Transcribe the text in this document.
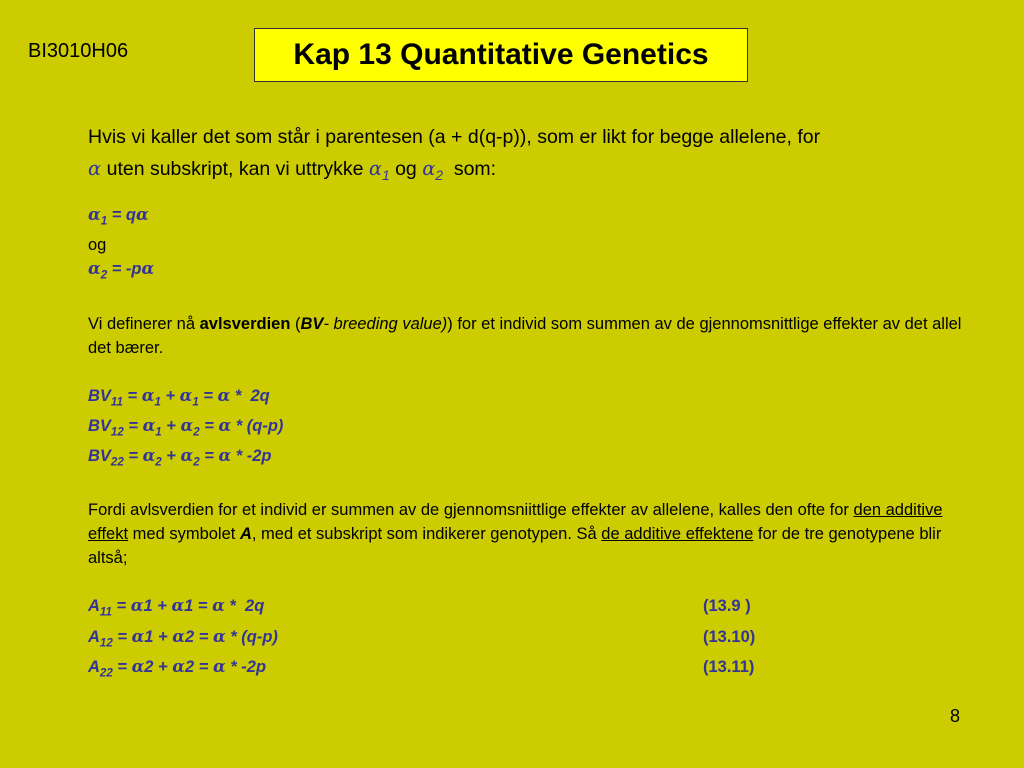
BI3010H06	Kap 13 Quantitative Genetics
Hvis vi kaller det som står i parentesen (a + d(q-p)), som er likt for begge allelene, for
α uten subskript, kan vi uttrykke $\alpha_1$ og $\alpha_2$ som:
$\alpha_1 = q\alpha$
og
$\alpha_2 = -p\alpha$
Vi definerer nå avlsverdien (BV- breeding value)) for et individ som summen av de gjennomsnittlige effekter av det allel det bærer.
$BV_{11} = \alpha_1 + \alpha_1 = \alpha * 2q$
$BV_{12} = \alpha_1 + \alpha_2 = \alpha * (q-p)$
$BV_{22} = \alpha_2 + \alpha_2 = \alpha * -2p$
Fordi avlsverdien for et individ er summen av de gjennomsniittlige effekter av allelene, kalles den ofte for den additive effekt med symbolet A, med et subskript som indikerer genotypen. Så de additive effektene for de tre genotypene blir altså;
$A_{11} = \alpha 1 + \alpha 1 = \alpha * 2q$	(13.9 )
$A_{12} = \alpha 1 + \alpha 2 = \alpha * (q-p)$	(13.10)
$A_{22} = \alpha 2 + \alpha 2 = \alpha * -2p$	(13.11)
8
